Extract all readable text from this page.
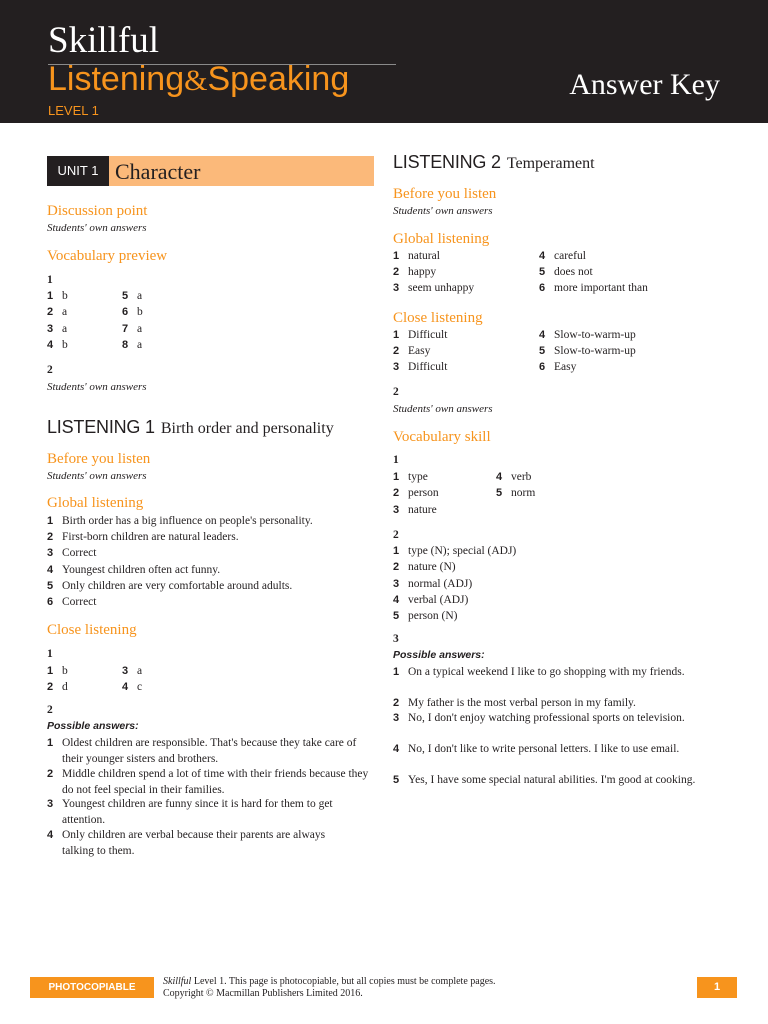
Skillful
Listening&Speaking
LEVEL 1
Answer Key
UNIT 1 Character
Discussion point
Students' own answers
Vocabulary preview
1
1 b
2 a
3 a
4 b
5 a
6 b
7 a
8 a
2
Students' own answers
LISTENING 1 Birth order and personality
Before you listen
Students' own answers
Global listening
1 Birth order has a big influence on people's personality.
2 First-born children are natural leaders.
3 Correct
4 Youngest children often act funny.
5 Only children are very comfortable around adults.
6 Correct
Close listening
1
1 b
2 d
3 a
4 c
2
Possible answers:
1 Oldest children are responsible. That's because they take care of their younger sisters and brothers.
2 Middle children spend a lot of time with their friends because they do not feel special in their families.
3 Youngest children are funny since it is hard for them to get attention.
4 Only children are verbal because their parents are always talking to them.
LISTENING 2 Temperament
Before you listen
Students' own answers
Global listening
1 natural
2 happy
3 seem unhappy
4 careful
5 does not
6 more important than
Close listening
1 Difficult
2 Easy
3 Difficult
4 Slow-to-warm-up
5 Slow-to-warm-up
6 Easy
2
Students' own answers
Vocabulary skill
1
1 type
2 person
3 nature
4 verb
5 norm
2
1 type (N); special (ADJ)
2 nature (N)
3 normal (ADJ)
4 verbal (ADJ)
5 person (N)
3
Possible answers:
1 On a typical weekend I like to go shopping with my friends.
2 My father is the most verbal person in my family.
3 No, I don't enjoy watching professional sports on television.
4 No, I don't like to write personal letters. I like to use email.
5 Yes, I have some special natural abilities. I'm good at cooking.
PHOTOCOPIABLE
Skillful Level 1. This page is photocopiable, but all copies must be complete pages.
Copyright © Macmillan Publishers Limited 2016.
1
